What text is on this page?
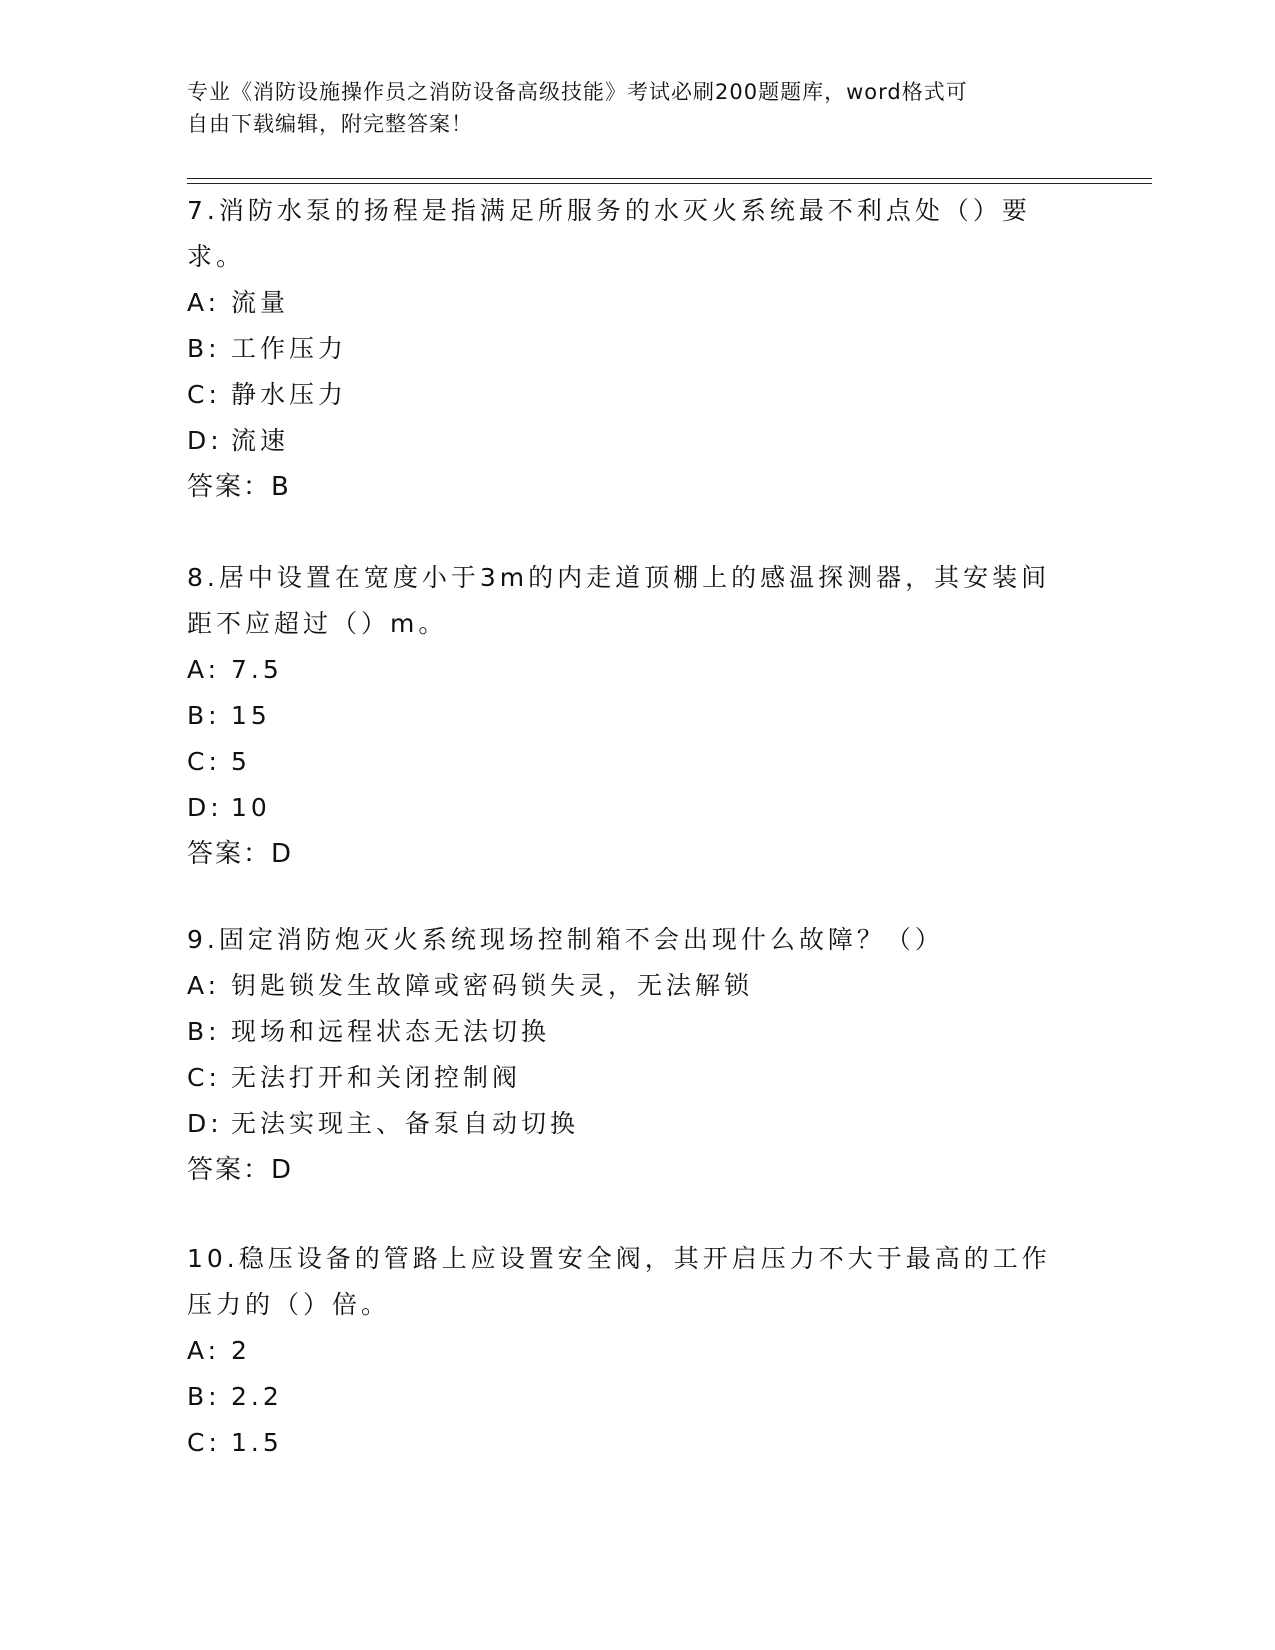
专业《消防设施操作员之消防设备高级技能》考试必刷200题题库，word格式可
自由下载编辑，附完整答案！

7.消防水泵的扬程是指满足所服务的水灭火系统最不利点处（）要求。

A: 流量
B: 工作压力
C: 静水压力
D: 流速

答案：B

8.居中设置在宽度小于3m的内走道顶棚上的感温探测器，其安装间距不应超过（）m。

A: 7.5
B: 15
C: 5
D: 10

答案：D

9.固定消防炮灭火系统现场控制箱不会出现什么故障？（）

A: 钥匙锁发生故障或密码锁失灵，无法解锁
B: 现场和远程状态无法切换
C: 无法打开和关闭控制阀
D: 无法实现主、备泵自动切换

答案：D

10.稳压设备的管路上应设置安全阀，其开启压力不大于最高的工作压力的（）倍。

A: 2
B: 2.2
C: 1.5
